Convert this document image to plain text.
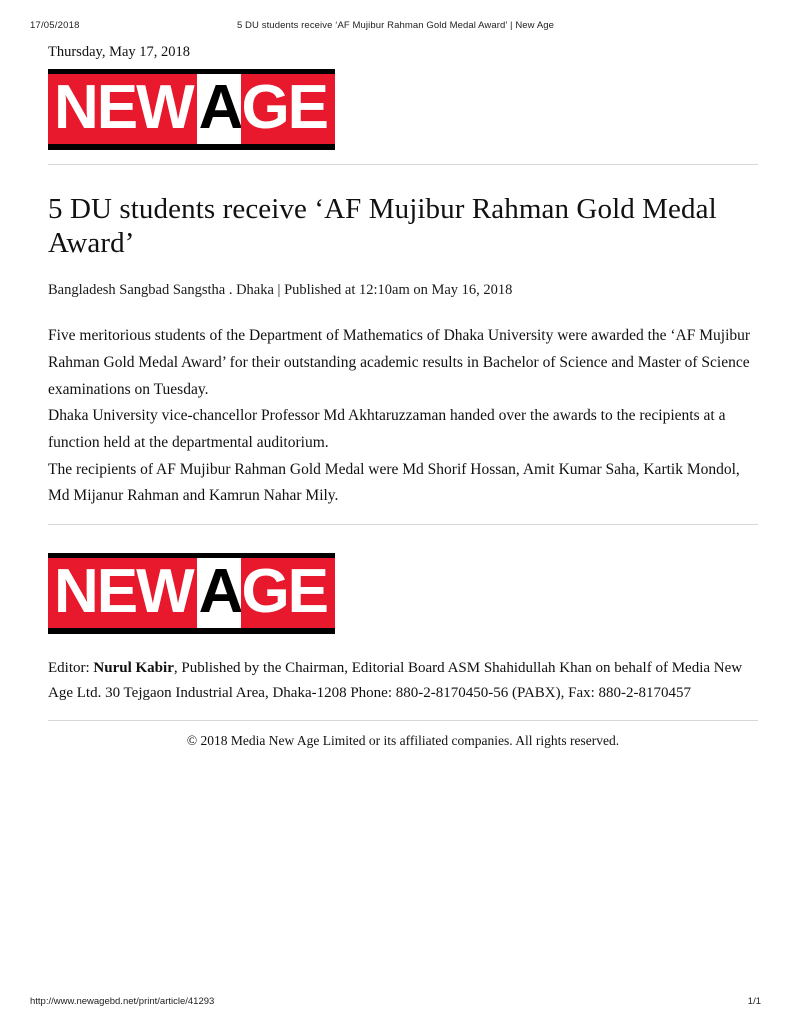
17/05/2018	5 DU students receive ‘AF Mujibur Rahman Gold Medal Award’ | New Age
Thursday, May 17, 2018
NEW A GE
5 DU students receive ‘AF Mujibur Rahman Gold Medal Award’
Bangladesh Sangbad Sangstha . Dhaka | Published at 12:10am on May 16, 2018

Five meritorious students of the Department of Mathematics of Dhaka University were awarded the ‘AF Mujibur Rahman Gold Medal Award’ for their outstanding academic results in Bachelor of Science and Master of Science examinations on Tuesday.

Dhaka University vice-chancellor Professor Md Akhtaruzzaman handed over the awards to the recipients at a function held at the departmental auditorium.

The recipients of AF Mujibur Rahman Gold Medal were Md Shorif Hossan, Amit Kumar Saha, Kartik Mondol, Md Mijanur Rahman and Kamrun Nahar Mily.

NEW A GE
Editor: Nurul Kabir, Published by the Chairman, Editorial Board ASM Shahidullah Khan on behalf of Media New Age Ltd. 30 Tejgaon Industrial Area, Dhaka-1208 Phone: 880-2-8170450-56 (PABX), Fax: 880-2-8170457
© 2018 Media New Age Limited or its affiliated companies. All rights reserved.
http://www.newagebd.net/print/article/41293	1/1
